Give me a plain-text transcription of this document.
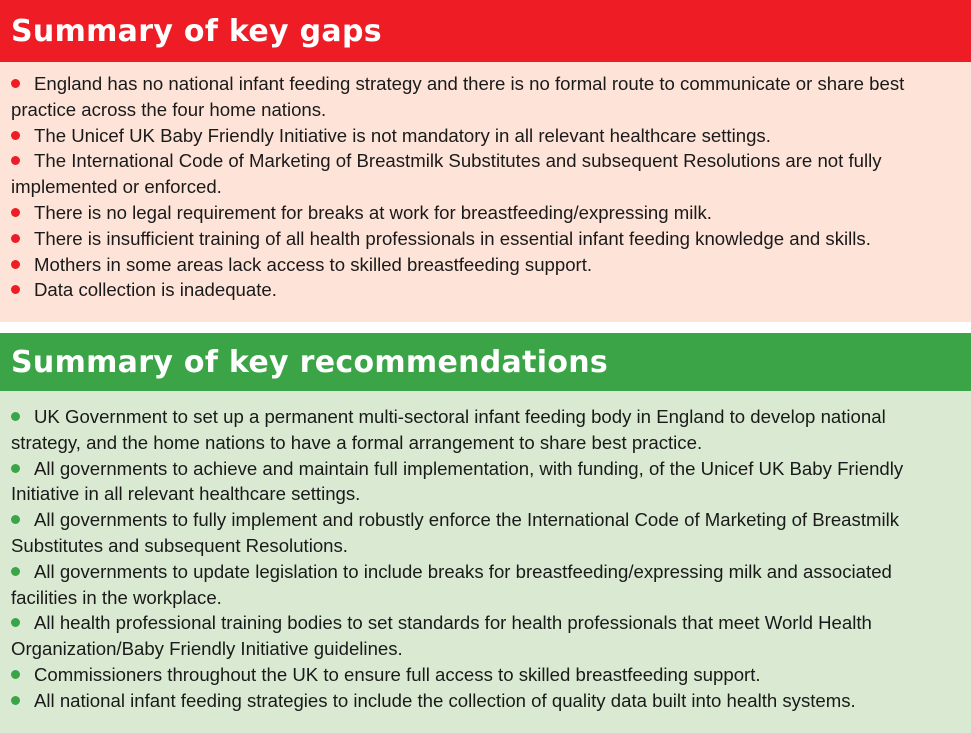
Summary of key gaps
England has no national infant feeding strategy and there is no formal route to communicate or share best practice across the four home nations.
The Unicef UK Baby Friendly Initiative is not mandatory in all relevant healthcare settings.
The International Code of Marketing of Breastmilk Substitutes and subsequent Resolutions are not fully implemented or enforced.
There is no legal requirement for breaks at work for breastfeeding/expressing milk.
There is insufficient training of all health professionals in essential infant feeding knowledge and skills.
Mothers in some areas lack access to skilled breastfeeding support.
Data collection is inadequate.
Summary of key recommendations
UK Government to set up a permanent multi-sectoral infant feeding body in England to develop national strategy, and the home nations to have a formal arrangement to share best practice.
All governments to achieve and maintain full implementation, with funding, of the Unicef UK Baby Friendly Initiative in all relevant healthcare settings.
All governments to fully implement and robustly enforce the International Code of Marketing of Breastmilk Substitutes and subsequent Resolutions.
All governments to update legislation to include breaks for breastfeeding/expressing milk and associated facilities in the workplace.
All health professional training bodies to set standards for health professionals that meet World Health Organization/Baby Friendly Initiative guidelines.
Commissioners throughout the UK to ensure full access to skilled breastfeeding support.
All national infant feeding strategies to include the collection of quality data built into health systems.
